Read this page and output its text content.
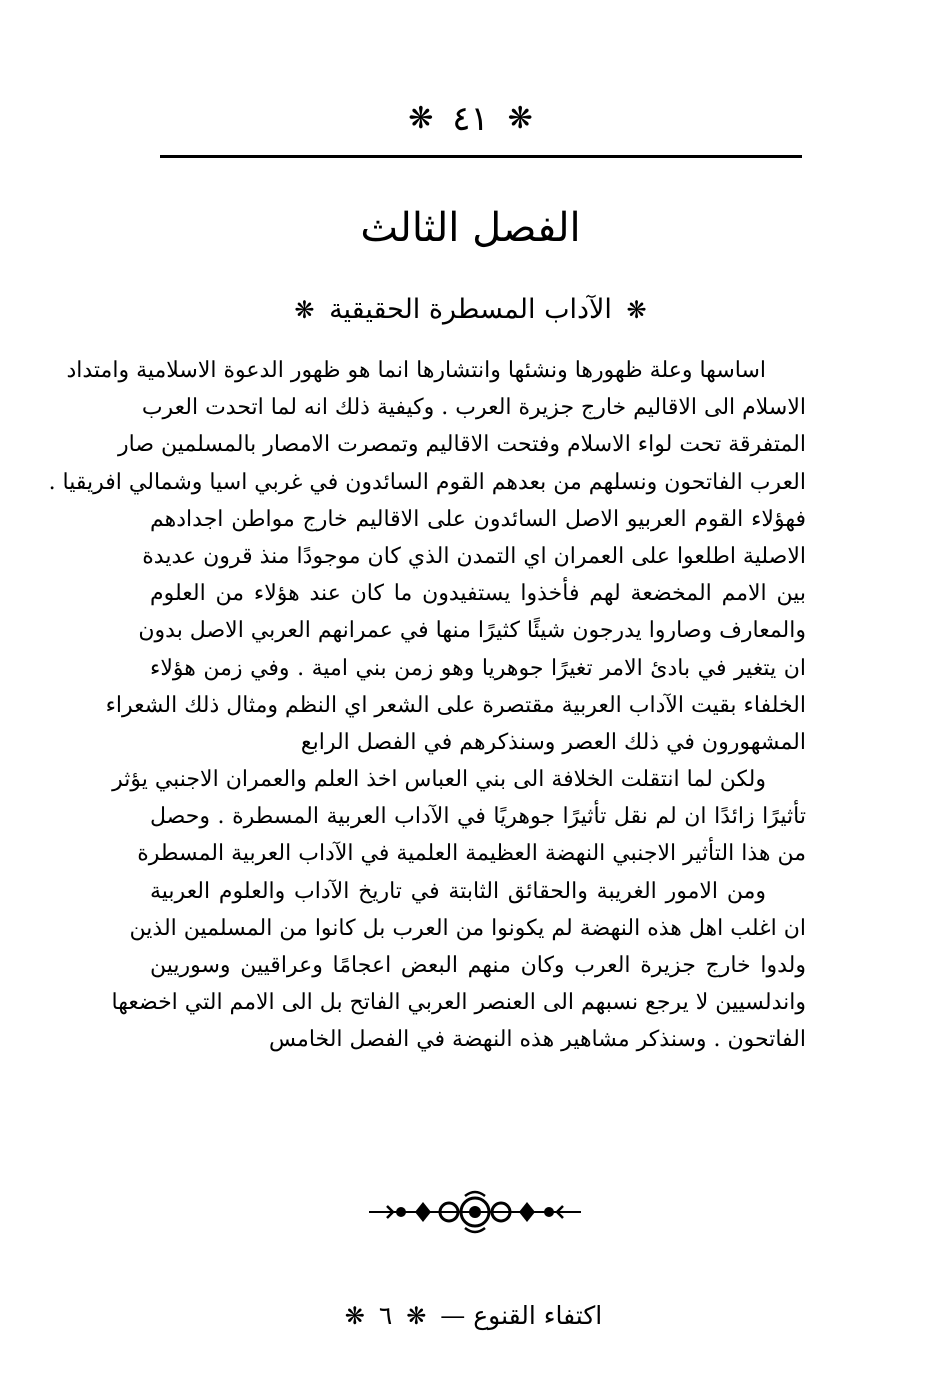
❋ ٤١ ❋
الفصل الثالث
❋ الآداب المسطرة الحقيقية ❋
اساسها وعلة ظهورها ونشئها وانتشارها انما هو ظهور الدعوة الاسلامية وامتداد
الاسلام الى الاقاليم خارج جزيرة العرب . وكيفية ذلك انه لما اتحدت العرب
المتفرقة تحت لواء الاسلام وفتحت الاقاليم وتمصرت الامصار بالمسلمين صار
العرب الفاتحون ونسلهم من بعدهم القوم السائدون في غربي اسيا وشمالي افريقيا .
فهؤلاء القوم العربيو الاصل السائدون على الاقاليم خارج مواطن اجدادهم
الاصلية اطلعوا على العمران اي التمدن الذي كان موجودًا منذ قرون عديدة
بين الامم المخضعة لهم فأخذوا يستفيدون ما كان عند هؤلاء من العلوم
والمعارف وصاروا يدرجون شيئًا كثيرًا منها في عمرانهم العربي الاصل بدون
ان يتغير في بادئ الامر تغيرًا جوهريا وهو زمن بني امية . وفي زمن هؤلاء
الخلفاء بقيت الآداب العربية مقتصرة على الشعر اي النظم ومثال ذلك الشعراء
المشهورون في ذلك العصر وسنذكرهم في الفصل الرابع
ولكن لما انتقلت الخلافة الى بني العباس اخذ العلم والعمران الاجنبي يؤثر
تأثيرًا زائدًا ان لم نقل تأثيرًا جوهريًا في الآداب العربية المسطرة . وحصل
من هذا التأثير الاجنبي النهضة العظيمة العلمية في الآداب العربية المسطرة
ومن الامور الغريبة والحقائق الثابتة في تاريخ الآداب والعلوم العربية
ان اغلب اهل هذه النهضة لم يكونوا من العرب بل كانوا من المسلمين الذين
ولدوا خارج جزيرة العرب وكان منهم البعض اعجامًا وعراقيين وسوريين
واندلسيين لا يرجع نسبهم الى العنصر العربي الفاتح بل الى الامم التي اخضعها
الفاتحون . وسنذكر مشاهير هذه النهضة في الفصل الخامس
اكتفاء القنوع — ❋ ٦ ❋
